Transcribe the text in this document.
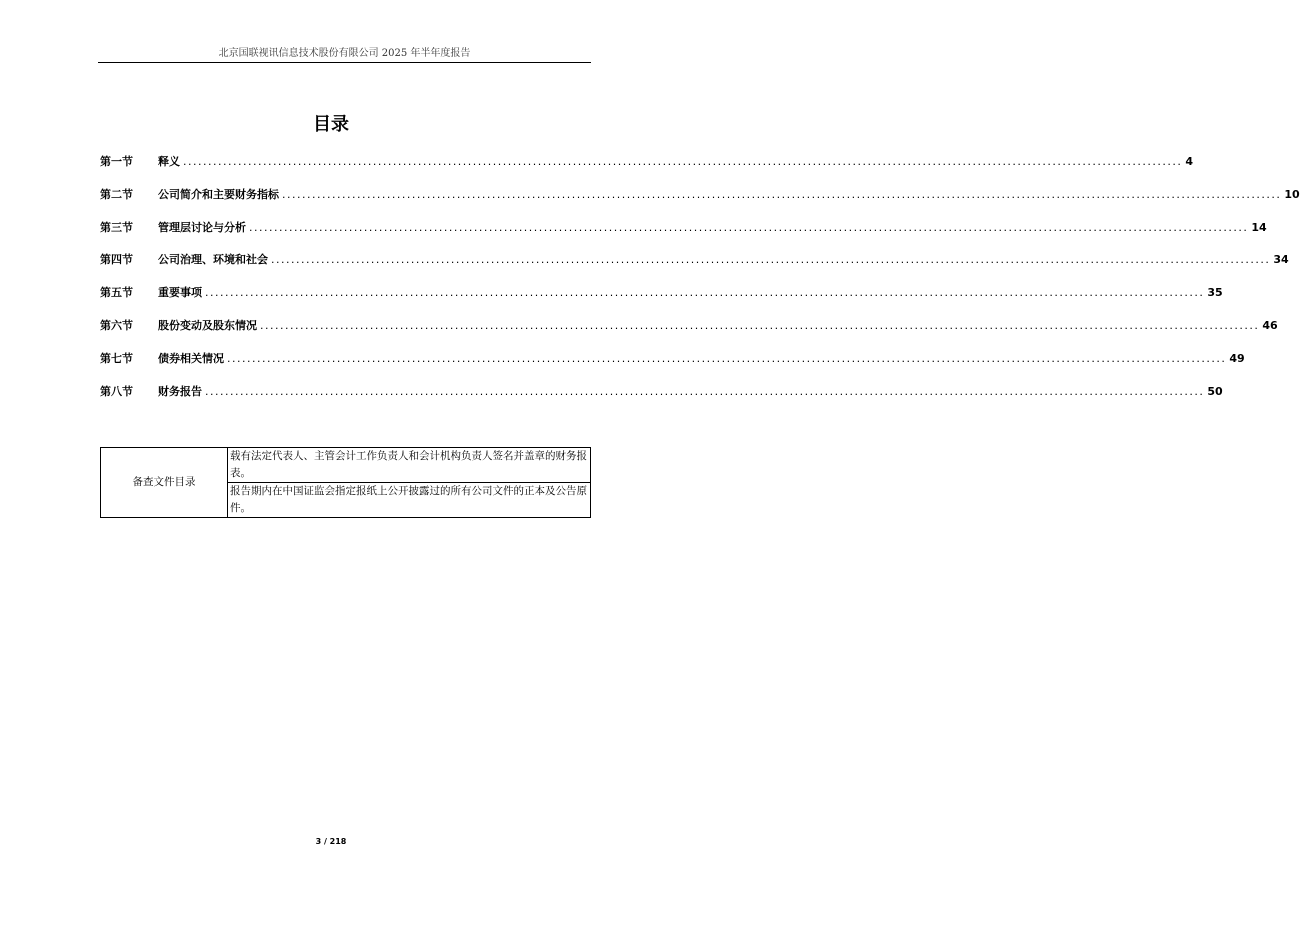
北京国联视讯信息技术股份有限公司 2025 年半年度报告
目录
第一节	释义 ........................................................................................................................................................................................................ 4
第二节	公司简介和主要财务指标 ........................................................................................................................................................................................................ 10
第三节	管理层讨论与分析 ........................................................................................................................................................................................................ 14
第四节	公司治理、环境和社会 ........................................................................................................................................................................................................ 34
第五节	重要事项 ........................................................................................................................................................................................................ 35
第六节	股份变动及股东情况 ........................................................................................................................................................................................................ 46
第七节	债券相关情况 ........................................................................................................................................................................................................ 49
第八节	财务报告 ........................................................................................................................................................................................................ 50
备查文件目录	载有法定代表人、主管会计工作负责人和会计机构负责人签名并盖章的财务报表。
报告期内在中国证监会指定报纸上公开披露过的所有公司文件的正本及公告原件。
3 / 218
